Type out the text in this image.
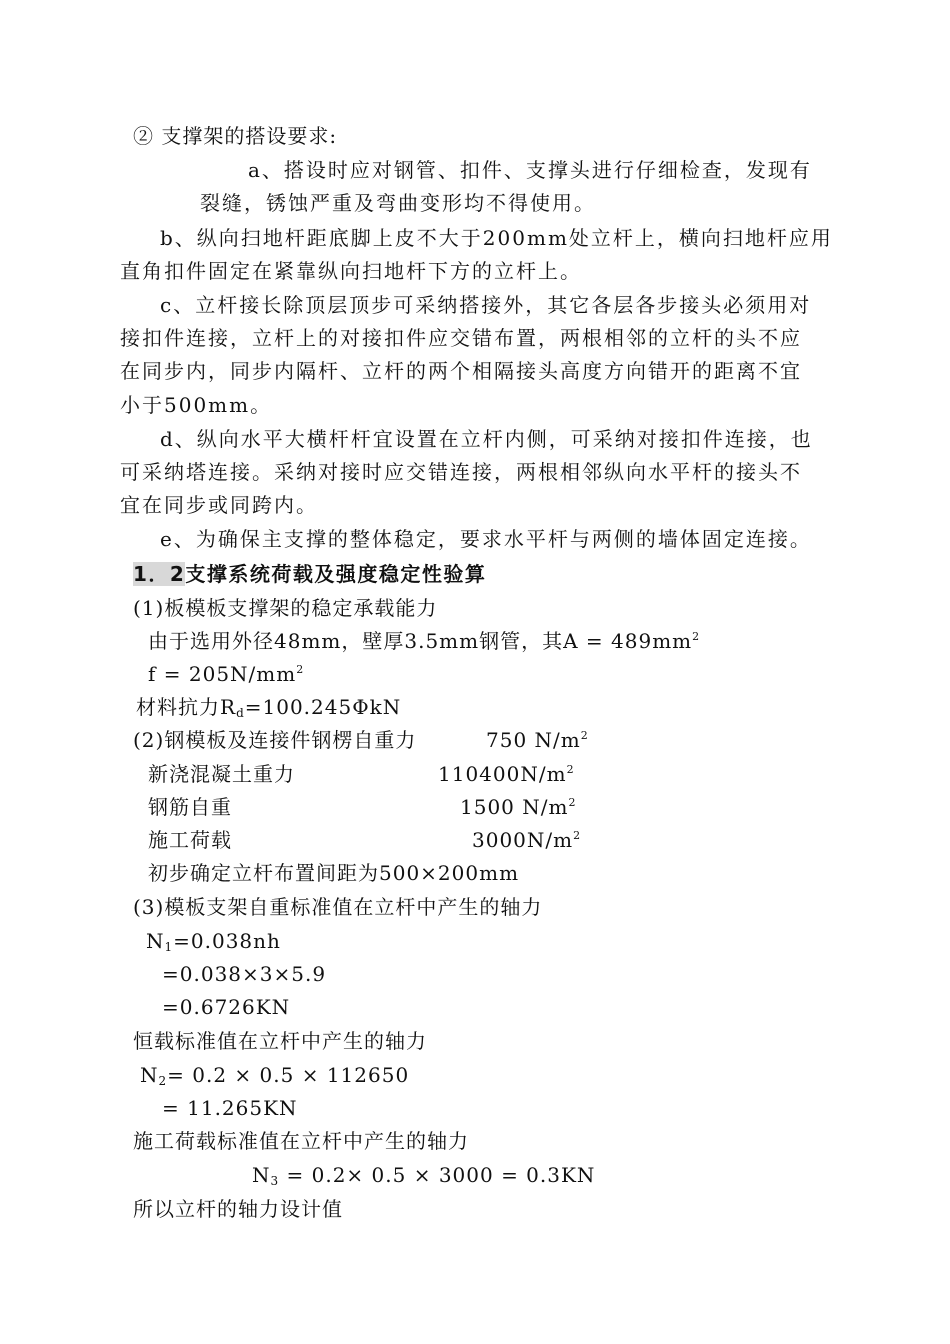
② 支撑架的搭设要求:
a、搭设时应对钢管、扣件、支撑头进行仔细检查，发现有
裂缝，锈蚀严重及弯曲变形均不得使用。
b、纵向扫地杆距底脚上皮不大于200mm处立杆上，横向扫地杆应用
直角扣件固定在紧靠纵向扫地杆下方的立杆上。
c、立杆接长除顶层顶步可采纳搭接外，其它各层各步接头必须用对
接扣件连接，立杆上的对接扣件应交错布置，两根相邻的立杆的头不应
在同步内，同步内隔杆、立杆的两个相隔接头高度方向错开的距离不宜
小于500mm。
d、纵向水平大横杆杆宜设置在立杆内侧，可采纳对接扣件连接，也
可采纳塔连接。采纳对接时应交错连接，两根相邻纵向水平杆的接头不
宜在同步或同跨内。
e、为确保主支撑的整体稳定，要求水平杆与两侧的墙体固定连接。
1．2支撑系统荷载及强度稳定性验算
(1)板模板支撑架的稳定承载能力
由于选用外径48mm，壁厚3.5mm钢管，其$A = 489mm^2$
$f = 205N/mm^2$
材料抗力$R_d=100.245\Phi kN$
(2)钢模板及连接件钢楞自重力	750 $N/m^2$
新浇混凝土重力	$110400N/m^2$
钢筋自重	1500 $N/m^2$
施工荷载	$3000N/m^2$
初步确定立杆布置间距为500×200mm
(3)模板支架自重标准值在立杆中产生的轴力
$N_1=0.038nh$
=0.038×3×5.9
=0.6726KN
恒载标准值在立杆中产生的轴力
$N_2= 0.2 \times 0.5 \times 112650$
= 11.265KN
施工荷载标准值在立杆中产生的轴力
$N_3 = 0.2\times 0.5 \times 3000 = 0.3KN$
所以立杆的轴力设计值
